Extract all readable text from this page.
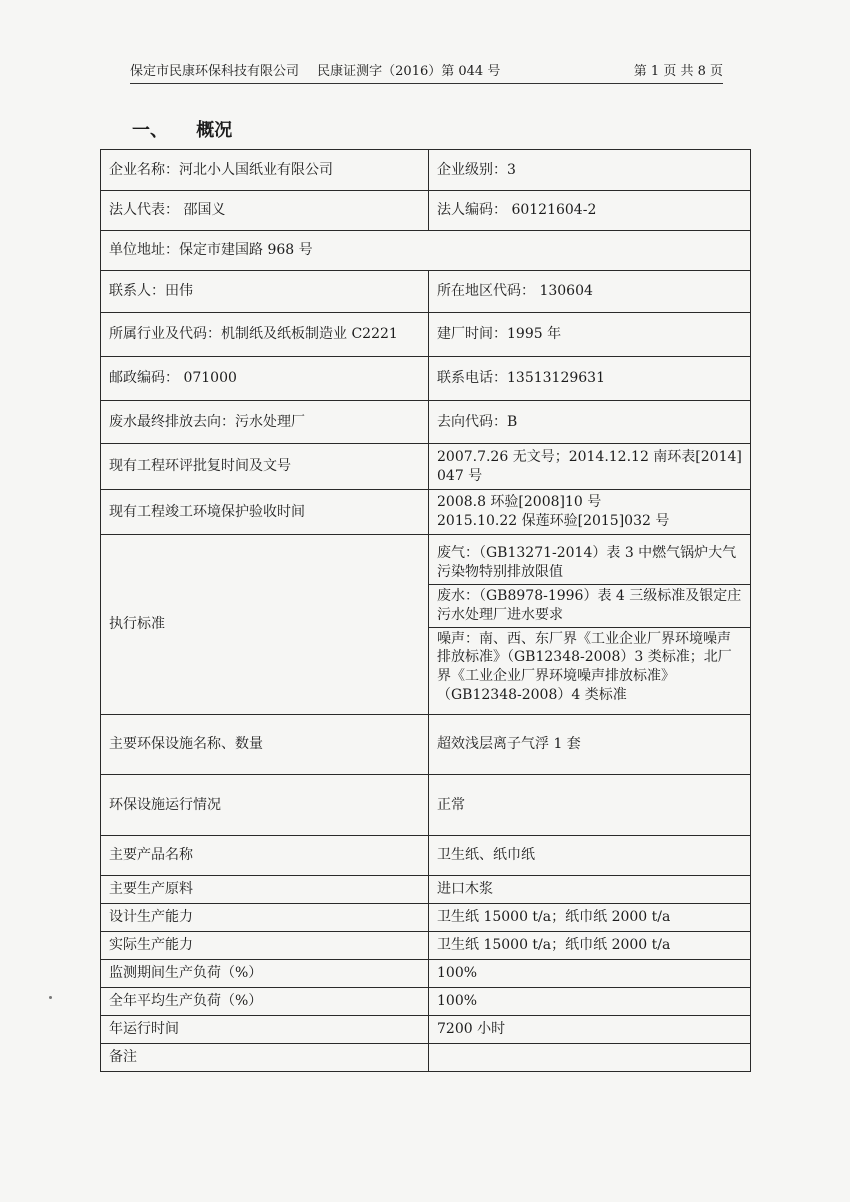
保定市民康环保科技有限公司 民康证测字（2016）第 044 号	第 1 页 共 8 页
一、 概况
企业名称：河北小人国纸业有限公司	企业级别：3
法人代表： 邵国义	法人编码： 60121604-2
单位地址：保定市建国路 968 号	
联系人：田伟	所在地区代码： 130604
所属行业及代码：机制纸及纸板制造业 C2221	建厂时间：1995 年
邮政编码： 071000	联系电话：13513129631
废水最终排放去向：污水处理厂	去向代码：B
现有工程环评批复时间及文号	2007.7.26 无文号；2014.12.12 南环表[2014] 047 号
现有工程竣工环境保护验收时间	2008.8 环验[2008]10 号
2015.10.22 保莲环验[2015]032 号

执行标准	废气：（GB13271-2014）表 3 中燃气锅炉大气污染物特别排放限值
废水：（GB8978-1996）表 4 三级标准及银定庄污水处理厂进水要求
噪声：南、西、东厂界《工业企业厂界环境噪声排放标准》（GB12348-2008）3 类标准；北厂界《工业企业厂界环境噪声排放标准》（GB12348-2008）4 类标准

主要环保设施名称、数量	超效浅层离子气浮 1 套
环保设施运行情况	正常
主要产品名称	卫生纸、纸巾纸
主要生产原料	进口木浆
设计生产能力	卫生纸 15000 t/a；纸巾纸 2000 t/a
实际生产能力	卫生纸 15000 t/a；纸巾纸 2000 t/a
监测期间生产负荷（%）	100%
全年平均生产负荷（%）	100%
年运行时间	7200 小时
备注	
